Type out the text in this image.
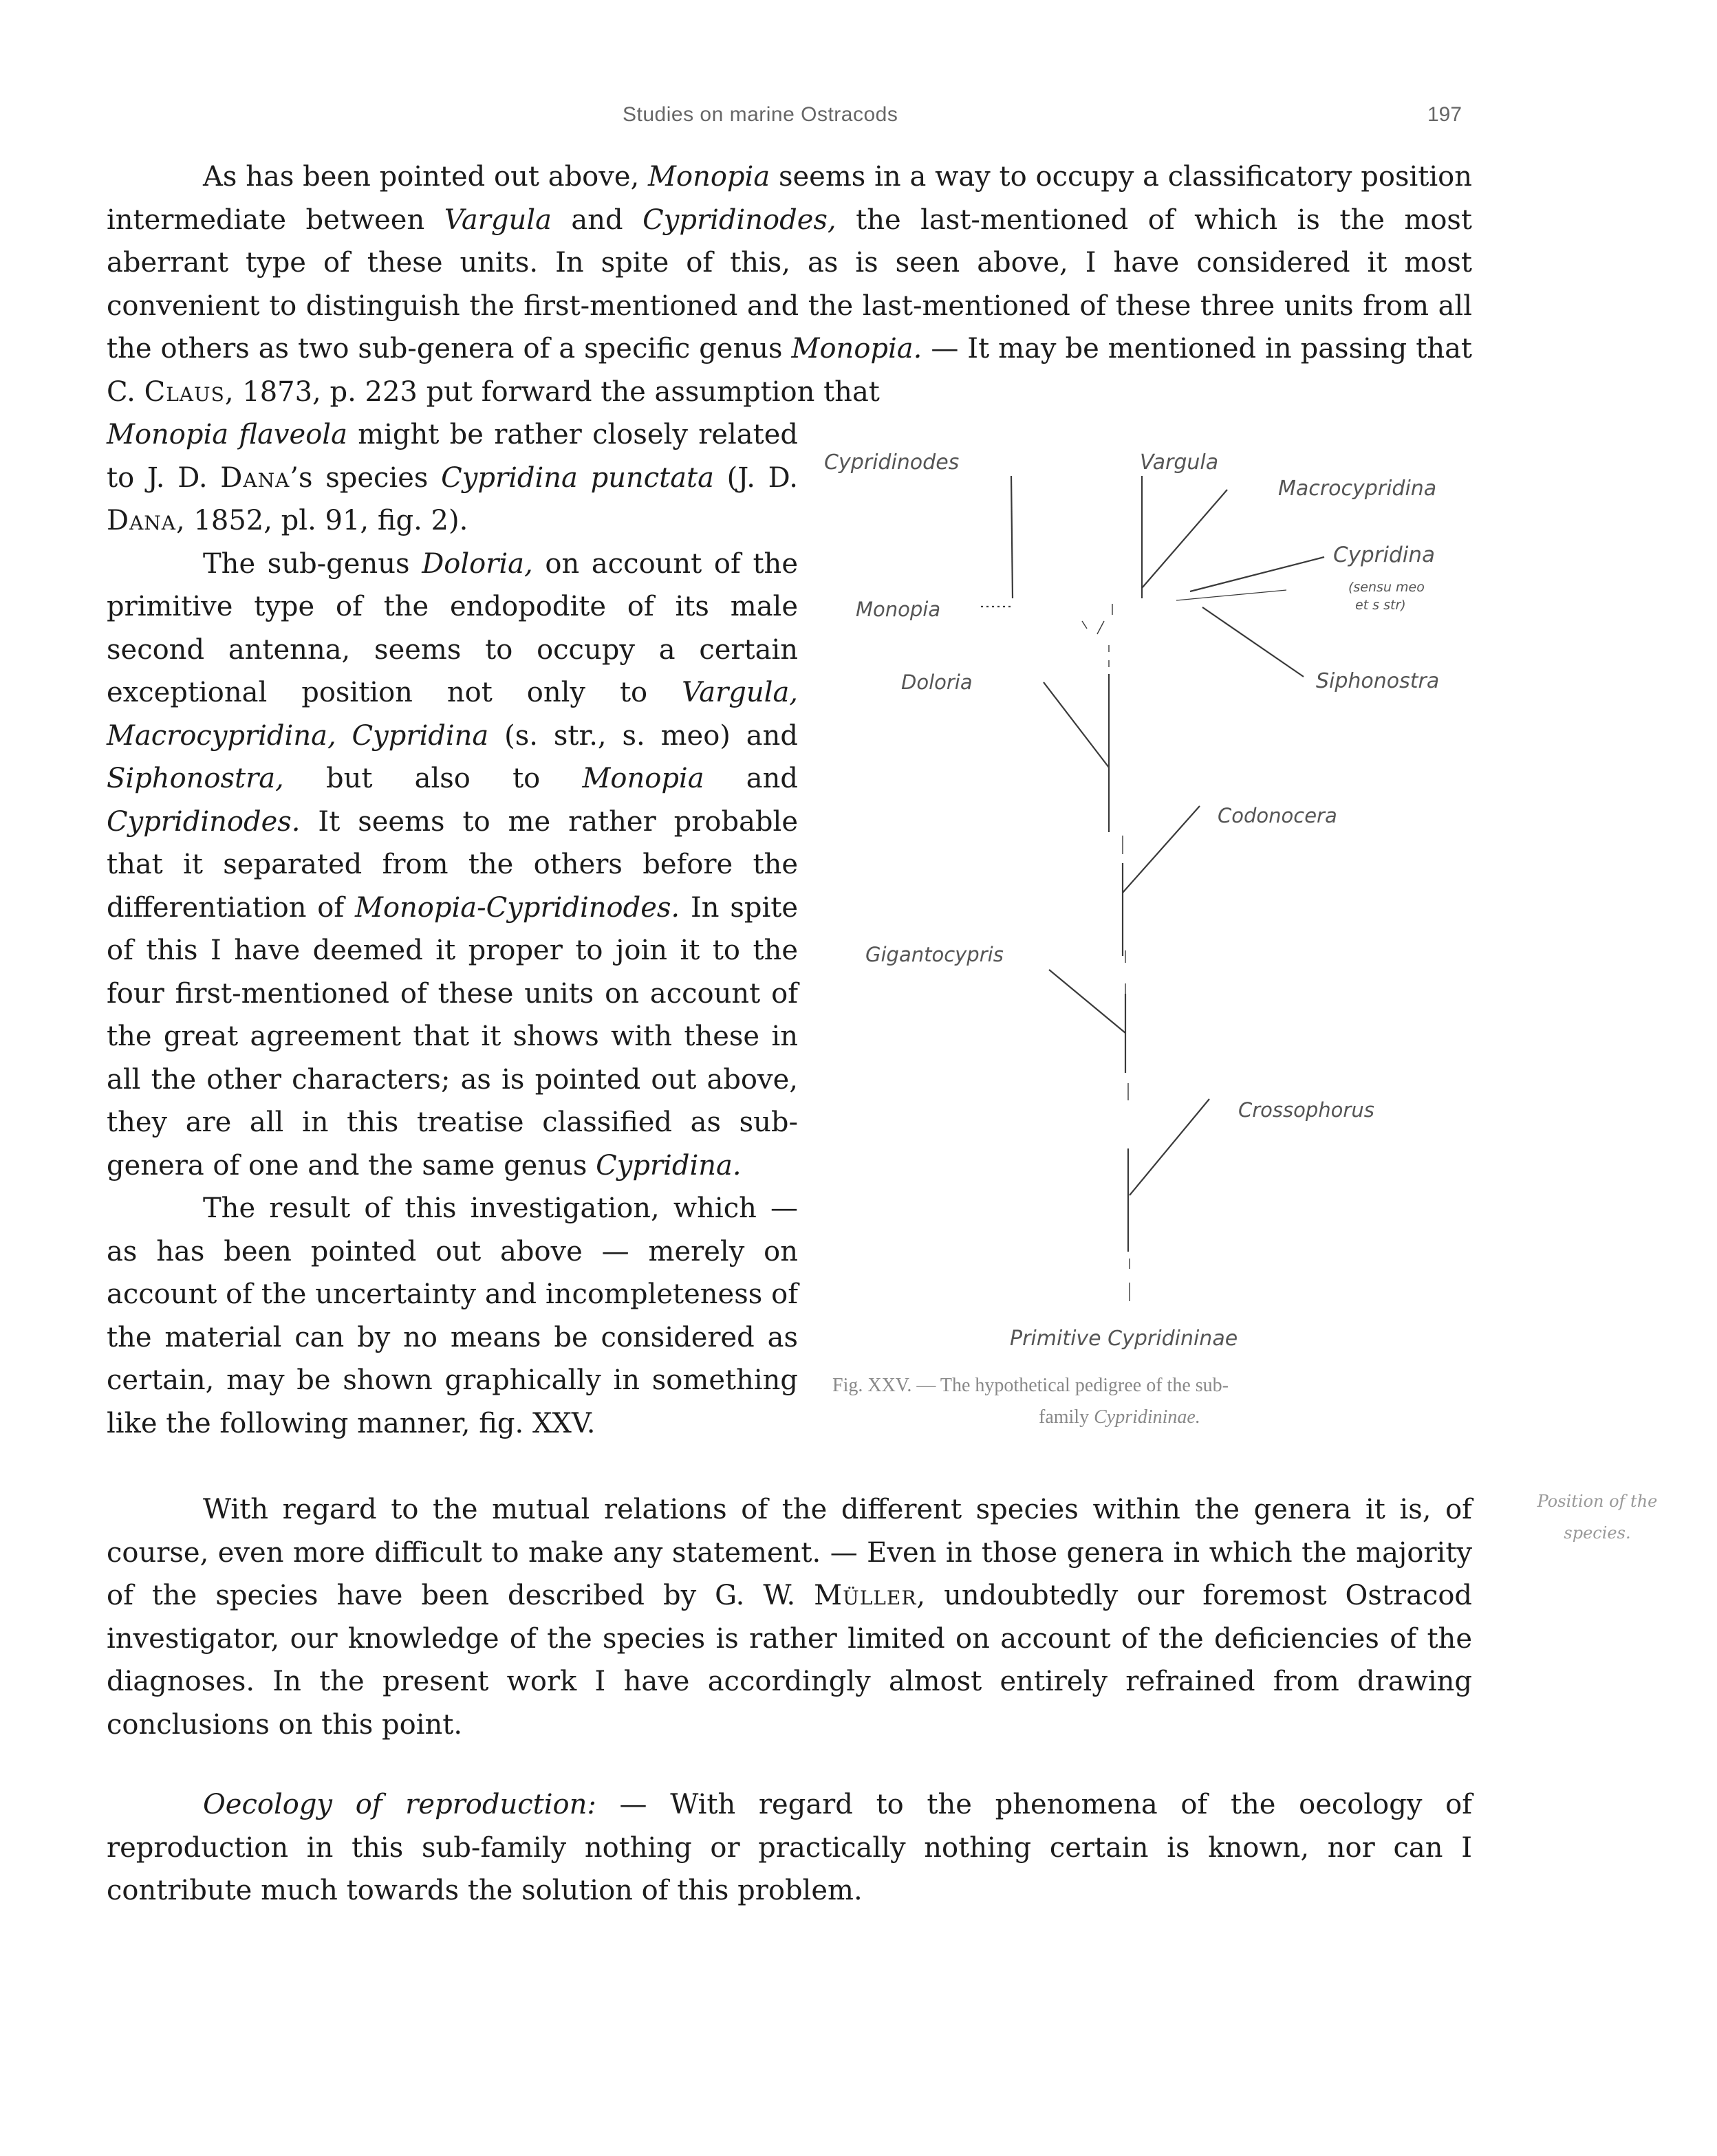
Studies on marine Ostracods	197

As has been pointed out above, Monopia seems in a way to occupy a classificatory position intermediate between Vargula and Cypridinodes, the last-mentioned of which is the most aberrant type of these units. In spite of this, as is seen above, I have considered it most convenient to distinguish the first-mentioned and the last-mentioned of these three units from all the others as two sub-genera of a specific genus Monopia. — It may be mentioned in passing that C. Claus, 1873, p. 223 put forward the assumption that

Monopia flaveola might be rather closely related to J. D. Dana’s species Cypridina punctata (J. D. Dana, 1852, pl. 91, fig. 2).

The sub-genus Doloria, on account of the primitive type of the endopodite of its male second antenna, seems to occupy a certain exceptional position not only to Vargula, Macrocypridina, Cypridina (s. str., s. meo) and Siphonostra, but also to Monopia and Cypridinodes. It seems to me rather probable that it separated from the others before the differentiation of Monopia-Cypridinodes. In spite of this I have deemed it proper to join it to the four first-mentioned of these units on account of the great agreement that it shows with these in all the other characters; as is pointed out above, they are all in this treatise classified as sub-genera of one and the same genus Cypridina.

The result of this investigation, which — as has been pointed out above — merely on account of the uncertainty and incompleteness of the material can by no means be considered as certain, may be shown graphically in something like the following manner, fig. XXV.

Cypridinodes	Vargula
Macrocypridina
Cypridina
(sensu meo
et s str)
Monopia
Doloria	Siphonostra
Codonocera
Gigantocypris
Crossophorus
Primitive Cypridininae
Fig. XXV. — The hypothetical pedigree of the sub-
family Cypridininae.
Position of the
species.

With regard to the mutual relations of the different species within the genera it is, of course, even more difficult to make any statement. — Even in those genera in which the majority of the species have been described by G. W. Müller, undoubtedly our foremost Ostracod investigator, our knowledge of the species is rather limited on account of the deficiencies of the diagnoses. In the present work I have accordingly almost entirely refrained from drawing conclusions on this point.

Oecology of reproduction: — With regard to the phenomena of the oecology of reproduction in this sub-family nothing or practically nothing certain is known, nor can I contribute much towards the solution of this problem.
